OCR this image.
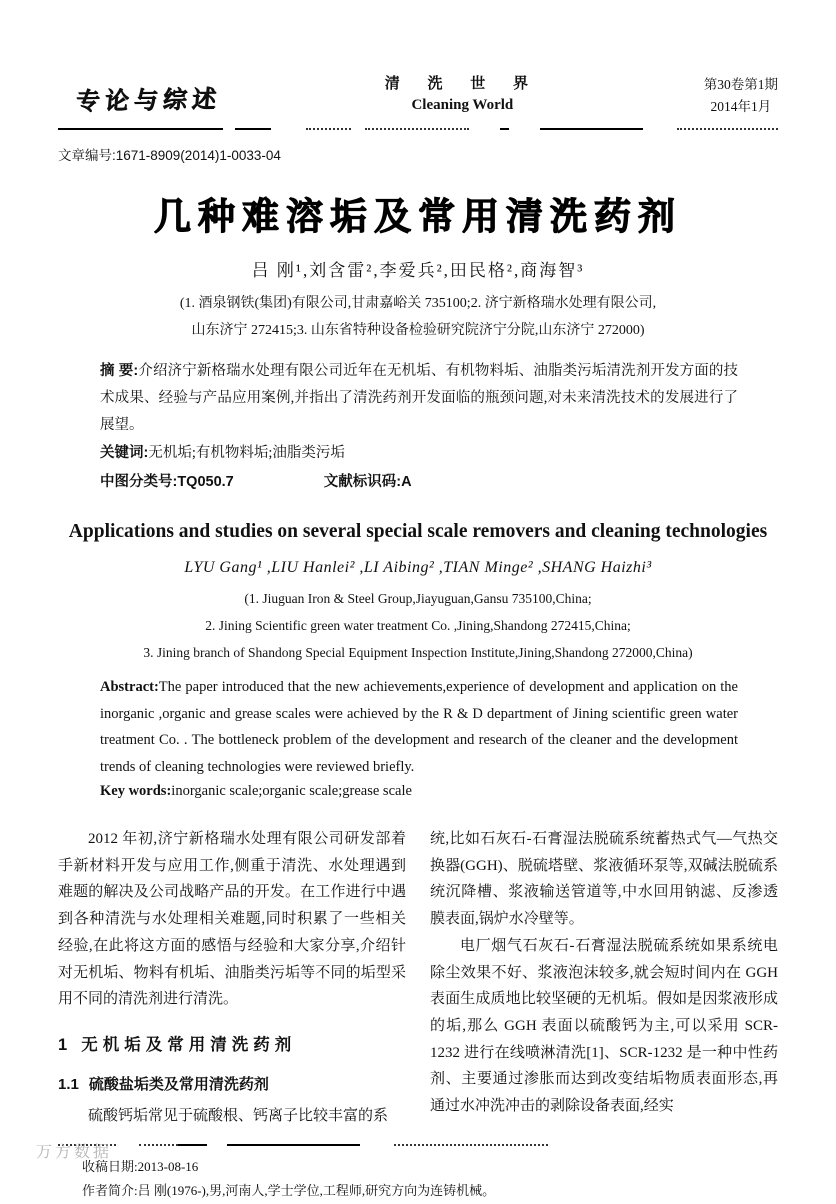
专论与综述
清 洗 世 界
Cleaning World
第30卷第1期
2014年1月
文章编号:1671-8909(2014)1-0033-04
几种难溶垢及常用清洗药剂
吕 刚¹,刘含雷²,李爱兵²,田民格²,商海智³
(1. 酒泉钢铁(集团)有限公司,甘肃嘉峪关 735100;2. 济宁新格瑞水处理有限公司,
山东济宁 272415;3. 山东省特种设备检验研究院济宁分院,山东济宁 272000)
摘 要:介绍济宁新格瑞水处理有限公司近年在无机垢、有机物料垢、油脂类污垢清洗剂开发方面的技术成果、经验与产品应用案例,并指出了清洗药剂开发面临的瓶颈问题,对未来清洗技术的发展进行了展望。
关键词:无机垢;有机物料垢;油脂类污垢
中图分类号:TQ050.7	文献标识码:A
Applications and studies on several special scale removers and cleaning technologies
LYU Gang¹ ,LIU Hanlei² ,LI Aibing² ,TIAN Minge² ,SHANG Haizhi³
(1. Jiuguan Iron & Steel Group,Jiayuguan,Gansu 735100,China;
2. Jining Scientific green water treatment Co. ,Jining,Shandong 272415,China;
3. Jining branch of Shandong Special Equipment Inspection Institute,Jining,Shandong 272000,China)
Abstract:The paper introduced that the new achievements,experience of development and application on the inorganic ,organic and grease scales were achieved by the R & D department of Jining scientific green water treatment Co. . The bottleneck problem of the development and research of the cleaner and the development trends of cleaning technologies were reviewed briefly.
Key words:inorganic scale;organic scale;grease scale

2012 年初,济宁新格瑞水处理有限公司研发部着手新材料开发与应用工作,侧重于清洗、水处理遇到难题的解决及公司战略产品的开发。在工作进行中遇到各种清洗与水处理相关难题,同时积累了一些相关经验,在此将这方面的感悟与经验和大家分享,介绍针对无机垢、物料有机垢、油脂类污垢等不同的垢型采用不同的清洗剂进行清洗。

1 无机垢及常用清洗药剂
1.1 硫酸盐垢类及常用清洗药剂

硫酸钙垢常见于硫酸根、钙离子比较丰富的系

统,比如石灰石-石膏湿法脱硫系统蓄热式气—气热交换器(GGH)、脱硫塔壁、浆液循环泵等,双碱法脱硫系统沉降槽、浆液输送管道等,中水回用钠滤、反渗透膜表面,锅炉水冷壁等。

电厂烟气石灰石-石膏湿法脱硫系统如果系统电除尘效果不好、浆液泡沫较多,就会短时间内在 GGH 表面生成质地比较坚硬的无机垢。假如是因浆液形成的垢,那么 GGH 表面以硫酸钙为主,可以采用 SCR-1232 进行在线喷淋清洗[1]、SCR-1232 是一种中性药剂、主要通过渗胀而达到改变结垢物质表面形态,再通过水冲洗冲击的剥除设备表面,经实

收稿日期:2013-08-16
作者简介:吕 刚(1976-),男,河南人,学士学位,工程师,研究方向为连铸机械。
万方数据
